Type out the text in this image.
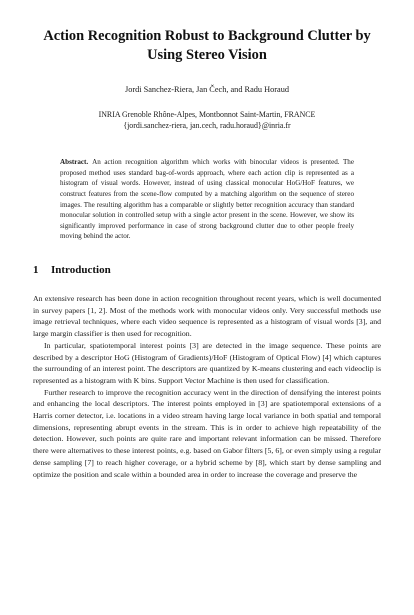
Action Recognition Robust to Background Clutter by Using Stereo Vision
Jordi Sanchez-Riera, Jan Čech, and Radu Horaud
INRIA Grenoble Rhône-Alpes, Montbonnot Saint-Martin, FRANCE
{jordi.sanchez-riera, jan.cech, radu.horaud}@inria.fr
Abstract. An action recognition algorithm which works with binocular videos is presented. The proposed method uses standard bag-of-words approach, where each action clip is represented as a histogram of visual words. However, instead of using classical monocular HoG/HoF features, we construct features from the scene-flow computed by a matching algorithm on the sequence of stereo images. The resulting algorithm has a comparable or slightly better recognition accuracy than standard monocular solution in controlled setup with a single actor present in the scene. However, we show its significantly improved performance in case of strong background clutter due to other people freely moving behind the actor.
1 Introduction

An extensive research has been done in action recognition throughout recent years, which is well documented in survey papers [1, 2]. Most of the methods work with monocular videos only. Very successful methods use image retrieval techniques, where each video sequence is represented as a histogram of visual words [3], and large margin classifier is then used for recognition.

In particular, spatiotemporal interest points [3] are detected in the image sequence. These points are described by a descriptor HoG (Histogram of Gradients)/HoF (Histogram of Optical Flow) [4] which captures the surrounding of an interest point. The descriptors are quantized by K-means clustering and each videoclip is represented as a histogram with K bins. Support Vector Machine is then used for classification.

Further research to improve the recognition accuracy went in the direction of densifying the interest points and enhancing the local descriptors. The interest points employed in [3] are spatiotemporal extensions of a Harris corner detector, i.e. locations in a video stream having large local variance in both spatial and temporal dimensions, representing abrupt events in the stream. This is in order to achieve high repeatability of the detection. However, such points are quite rare and important relevant information can be missed. Therefore there were alternatives to these interest points, e.g. based on Gabor filters [5, 6], or even simply using a regular dense sampling [7] to reach higher coverage, or a hybrid scheme by [8], which start by dense sampling and optimize the position and scale within a bounded area in order to increase the coverage and preserve the
